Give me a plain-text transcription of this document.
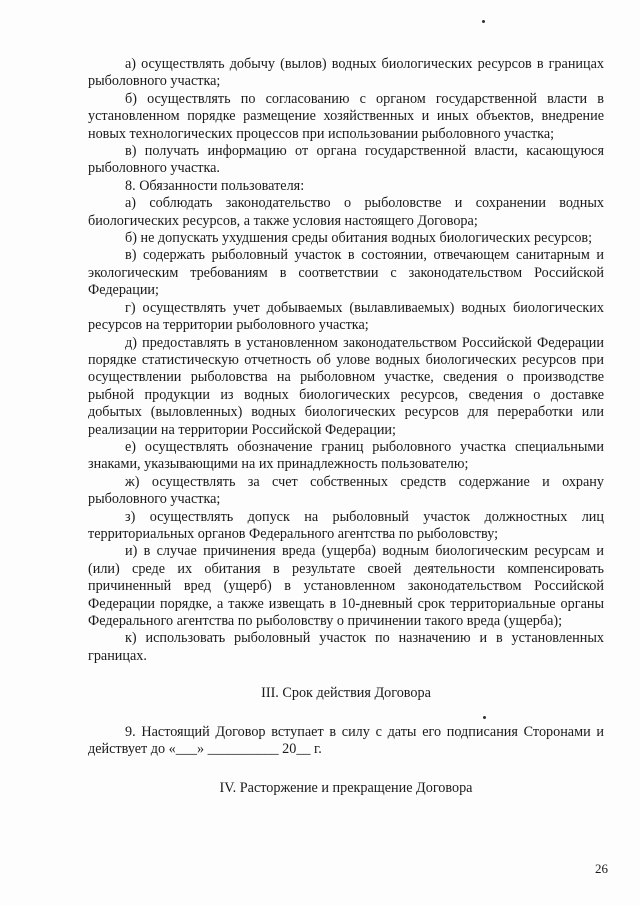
а) осуществлять добычу (вылов) водных биологических ресурсов в границах рыболовного участка;

б) осуществлять по согласованию с органом государственной власти в установленном порядке размещение хозяйственных и иных объектов, внедрение новых технологических процессов при использовании рыболовного участка;

в) получать информацию от органа государственной власти, касающуюся рыболовного участка.

8. Обязанности пользователя:

а) соблюдать законодательство о рыболовстве и сохранении водных биологических ресурсов, а также условия настоящего Договора;

б) не допускать ухудшения среды обитания водных биологических ресурсов;

в) содержать рыболовный участок в состоянии, отвечающем санитарным и экологическим требованиям в соответствии с законодательством Российской Федерации;

г) осуществлять учет добываемых (вылавливаемых) водных биологических ресурсов на территории рыболовного участка;

д) предоставлять в установленном законодательством Российской Федерации порядке статистическую отчетность об улове водных биологических ресурсов при осуществлении рыболовства на рыболовном участке, сведения о производстве рыбной продукции из водных биологических ресурсов, сведения о доставке добытых (выловленных) водных биологических ресурсов для переработки или реализации на территории Российской Федерации;

е) осуществлять обозначение границ рыболовного участка специальными знаками, указывающими на их принадлежность пользователю;

ж) осуществлять за счет собственных средств содержание и охрану рыболовного участка;

з) осуществлять допуск на рыболовный участок должностных лиц территориальных органов Федерального агентства по рыболовству;

и) в случае причинения вреда (ущерба) водным биологическим ресурсам и (или) среде их обитания в результате своей деятельности компенсировать причиненный вред (ущерб) в установленном законодательством Российской Федерации порядке, а также извещать в 10-дневный срок территориальные органы Федерального агентства по рыболовству о причинении такого вреда (ущерба);

к) использовать рыболовный участок по назначению и в установленных границах.

III. Срок действия Договора

9. Настоящий Договор вступает в силу с даты его подписания Сторонами и действует до «___» __________ 20__ г.

IV. Расторжение и прекращение Договора

26
